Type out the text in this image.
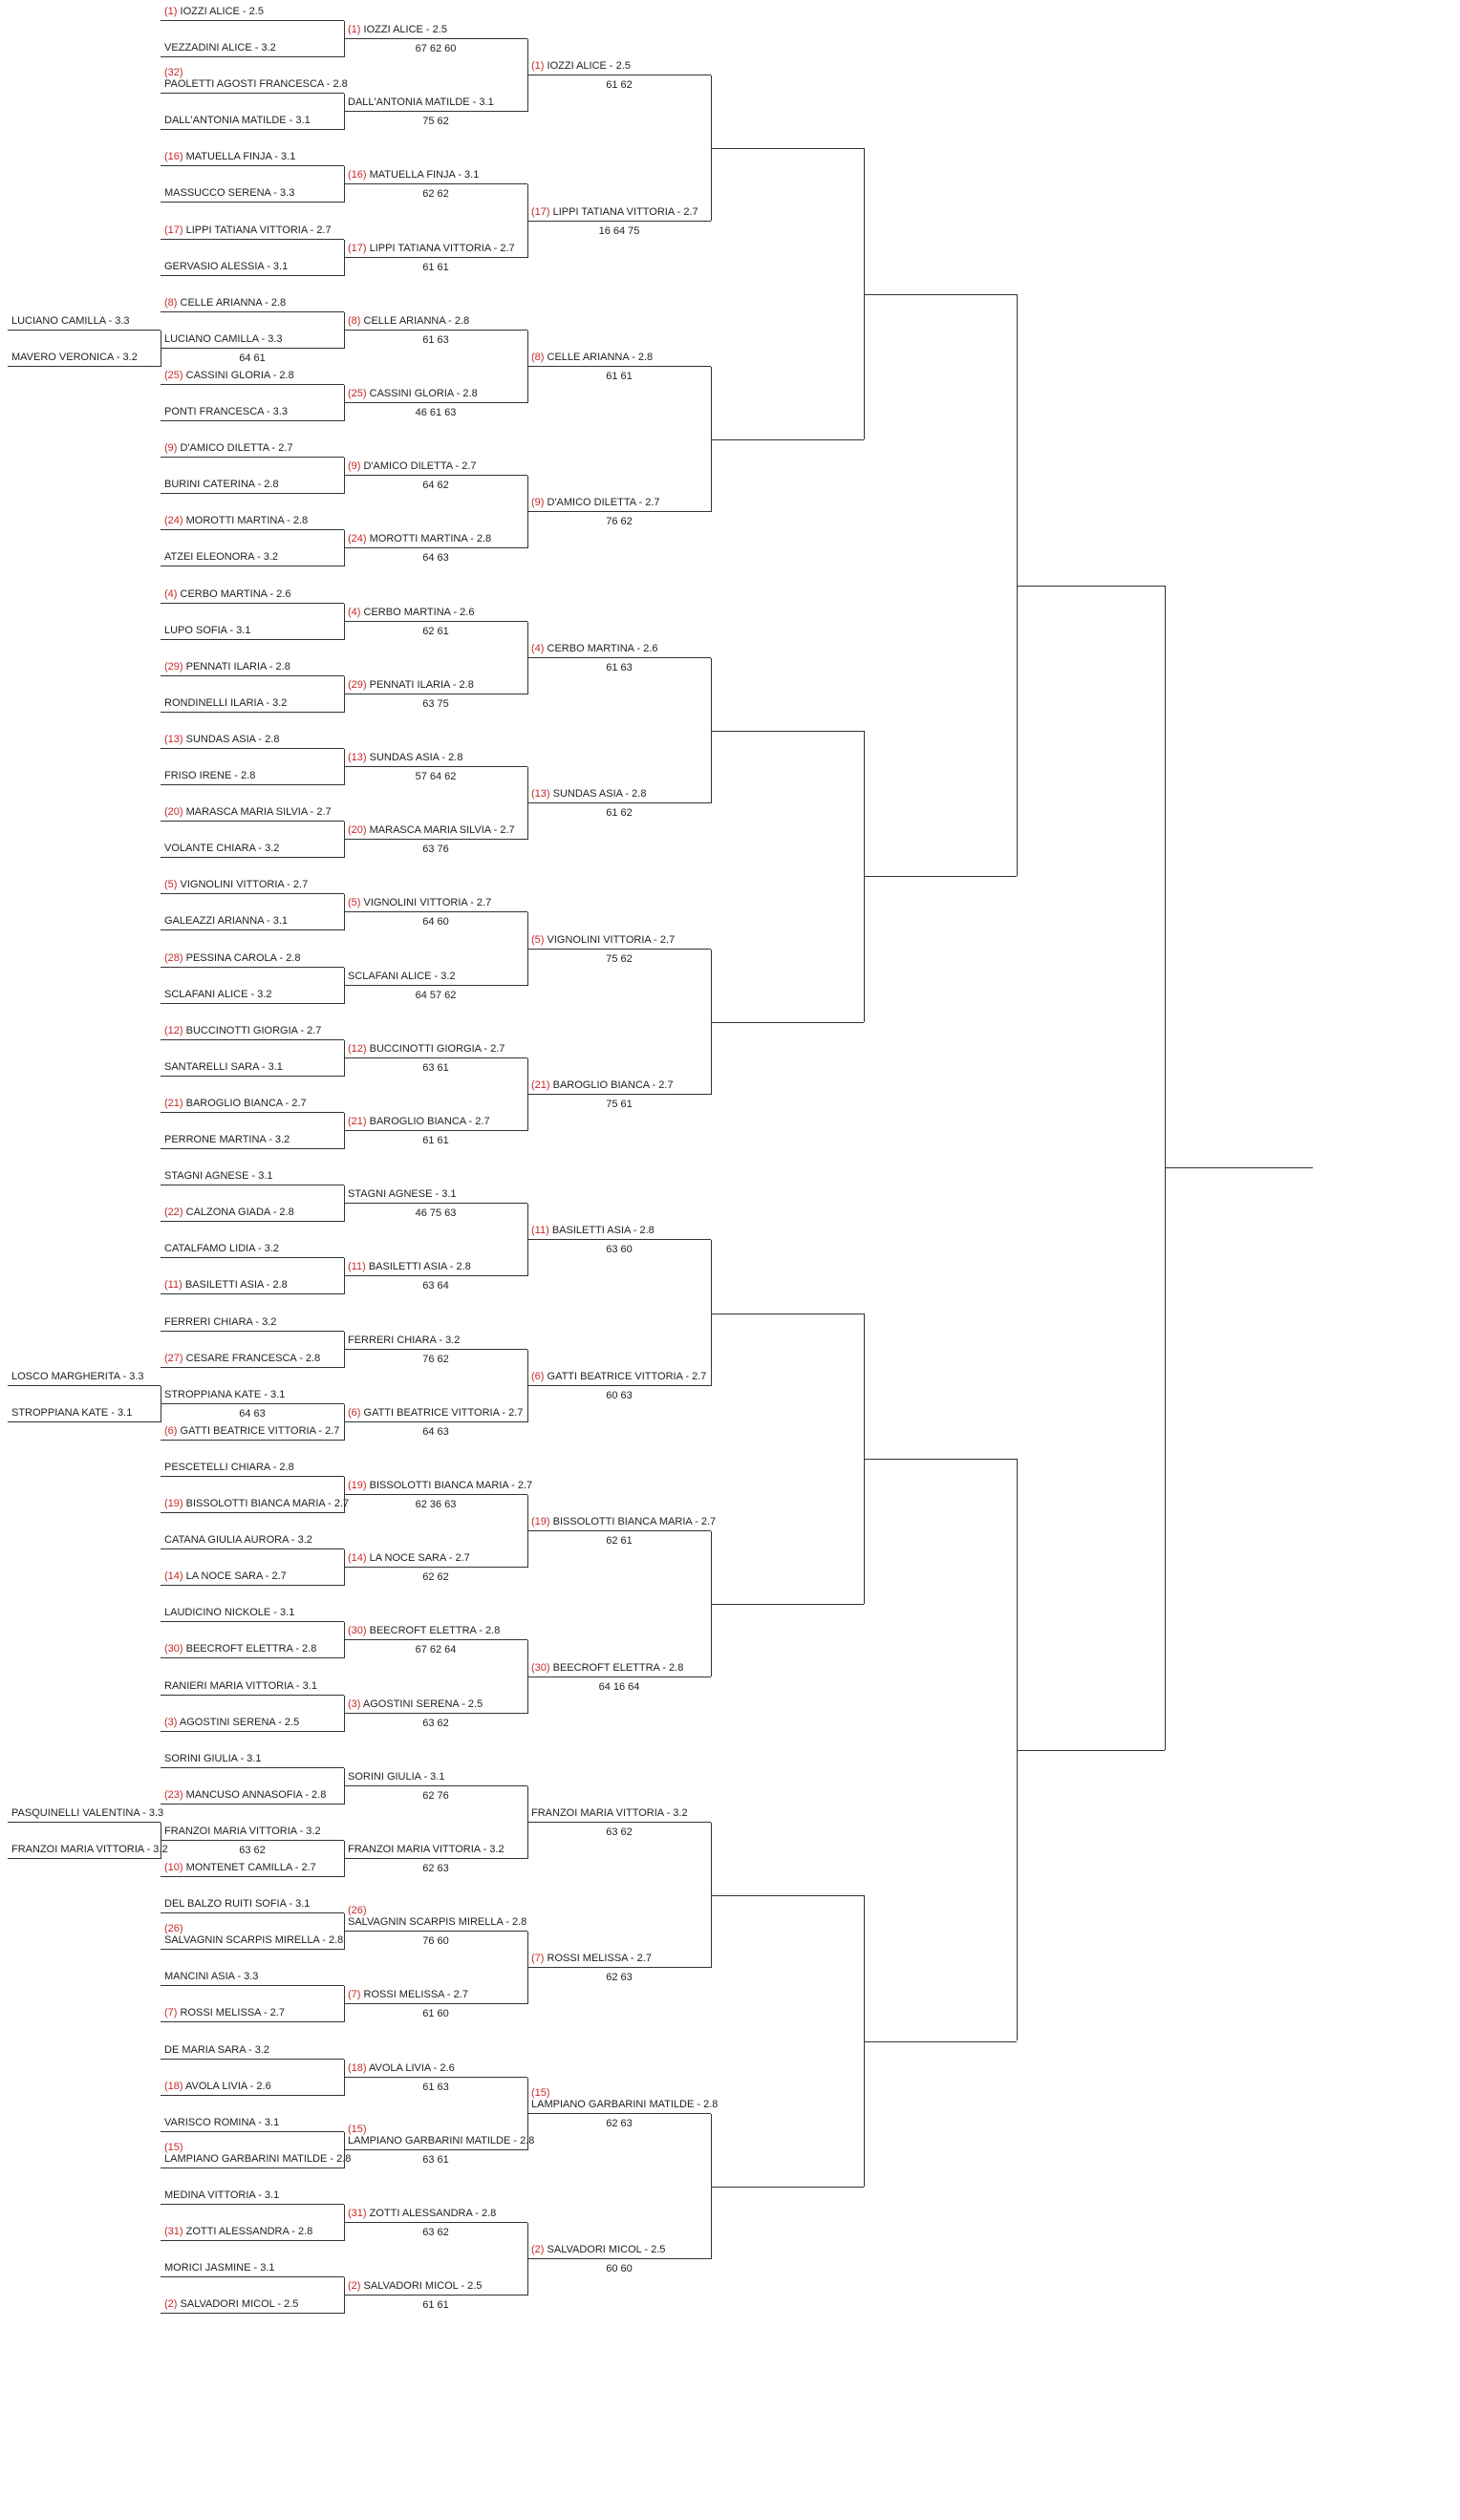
(1) IOZZI ALICE - 2.5
VEZZADINI ALICE - 3.2
(32)
PAOLETTI AGOSTI FRANCESCA - 2.8
DALL'ANTONIA MATILDE - 3.1
(16) MATUELLA FINJA - 3.1
MASSUCCO SERENA - 3.3
(17) LIPPI TATIANA VITTORIA - 2.7
GERVASIO ALESSIA - 3.1
(8) CELLE ARIANNA - 2.8
LUCIANO CAMILLA - 3.3
64 61
(25) CASSINI GLORIA - 2.8
PONTI FRANCESCA - 3.3
(9) D'AMICO DILETTA - 2.7
BURINI CATERINA - 2.8
(24) MOROTTI MARTINA - 2.8
ATZEI ELEONORA - 3.2
(4) CERBO MARTINA - 2.6
LUPO SOFIA - 3.1
(29) PENNATI ILARIA - 2.8
RONDINELLI ILARIA - 3.2
(13) SUNDAS ASIA - 2.8
FRISO IRENE - 2.8
(20) MARASCA MARIA SILVIA - 2.7
VOLANTE CHIARA - 3.2
(5) VIGNOLINI VITTORIA - 2.7
GALEAZZI ARIANNA - 3.1
(28) PESSINA CAROLA - 2.8
SCLAFANI ALICE - 3.2
(12) BUCCINOTTI GIORGIA - 2.7
SANTARELLI SARA - 3.1
(21) BAROGLIO BIANCA - 2.7
PERRONE MARTINA - 3.2
STAGNI AGNESE - 3.1
(22) CALZONA GIADA - 2.8
CATALFAMO LIDIA - 3.2
(11) BASILETTI ASIA - 2.8
FERRERI CHIARA - 3.2
(27) CESARE FRANCESCA - 2.8
STROPPIANA KATE - 3.1
64 63
(6) GATTI BEATRICE VITTORIA - 2.7
PESCETELLI CHIARA - 2.8
(19) BISSOLOTTI BIANCA MARIA - 2.7
CATANA GIULIA AURORA - 3.2
(14) LA NOCE SARA - 2.7
LAUDICINO NICKOLE - 3.1
(30) BEECROFT ELETTRA - 2.8
RANIERI MARIA VITTORIA - 3.1
(3) AGOSTINI SERENA - 2.5
SORINI GIULIA - 3.1
(23) MANCUSO ANNASOFIA - 2.8
FRANZOI MARIA VITTORIA - 3.2
63 62
(10) MONTENET CAMILLA - 2.7
DEL BALZO RUITI SOFIA - 3.1
(26)
SALVAGNIN SCARPIS MIRELLA - 2.8
MANCINI ASIA - 3.3
(7) ROSSI MELISSA - 2.7
DE MARIA SARA - 3.2
(18) AVOLA LIVIA - 2.6
VARISCO ROMINA - 3.1
(15)
LAMPIANO GARBARINI MATILDE - 2.8
MEDINA VITTORIA - 3.1
(31) ZOTTI ALESSANDRA - 2.8
MORICI JASMINE - 3.1
(2) SALVADORI MICOL - 2.5
(1) IOZZI ALICE - 2.5
67 62 60
DALL'ANTONIA MATILDE - 3.1
75 62
(16) MATUELLA FINJA - 3.1
62 62
(17) LIPPI TATIANA VITTORIA - 2.7
61 61
(8) CELLE ARIANNA - 2.8
61 63
(25) CASSINI GLORIA - 2.8
46 61 63
(9) D'AMICO DILETTA - 2.7
64 62
(24) MOROTTI MARTINA - 2.8
64 63
(4) CERBO MARTINA - 2.6
62 61
(29) PENNATI ILARIA - 2.8
63 75
(13) SUNDAS ASIA - 2.8
57 64 62
(20) MARASCA MARIA SILVIA - 2.7
63 76
(5) VIGNOLINI VITTORIA - 2.7
64 60
SCLAFANI ALICE - 3.2
64 57 62
(12) BUCCINOTTI GIORGIA - 2.7
63 61
(21) BAROGLIO BIANCA - 2.7
61 61
STAGNI AGNESE - 3.1
46 75 63
(11) BASILETTI ASIA - 2.8
63 64
FERRERI CHIARA - 3.2
76 62
(6) GATTI BEATRICE VITTORIA - 2.7
64 63
(19) BISSOLOTTI BIANCA MARIA - 2.7
62 36 63
(14) LA NOCE SARA - 2.7
62 62
(30) BEECROFT ELETTRA - 2.8
67 62 64
(3) AGOSTINI SERENA - 2.5
63 62
SORINI GIULIA - 3.1
62 76
FRANZOI MARIA VITTORIA - 3.2
62 63
(26)
SALVAGNIN SCARPIS MIRELLA - 2.8
76 60
(7) ROSSI MELISSA - 2.7
61 60
(18) AVOLA LIVIA - 2.6
61 63
(15)
LAMPIANO GARBARINI MATILDE - 2.8
63 61
(31) ZOTTI ALESSANDRA - 2.8
63 62
(2) SALVADORI MICOL - 2.5
61 61
(1) IOZZI ALICE - 2.5
61 62
(17) LIPPI TATIANA VITTORIA - 2.7
16 64 75
(8) CELLE ARIANNA - 2.8
61 61
(9) D'AMICO DILETTA - 2.7
76 62
(4) CERBO MARTINA - 2.6
61 63
(13) SUNDAS ASIA - 2.8
61 62
(5) VIGNOLINI VITTORIA - 2.7
75 62
(21) BAROGLIO BIANCA - 2.7
75 61
(11) BASILETTI ASIA - 2.8
63 60
(6) GATTI BEATRICE VITTORIA - 2.7
60 63
(19) BISSOLOTTI BIANCA MARIA - 2.7
62 61
(30) BEECROFT ELETTRA - 2.8
64 16 64
FRANZOI MARIA VITTORIA - 3.2
63 62
(7) ROSSI MELISSA - 2.7
62 63
(15)
LAMPIANO GARBARINI MATILDE - 2.8
62 63
(2) SALVADORI MICOL - 2.5
60 60
LUCIANO CAMILLA - 3.3
MAVERO VERONICA - 3.2
LOSCO MARGHERITA - 3.3
STROPPIANA KATE - 3.1
PASQUINELLI VALENTINA - 3.3
FRANZOI MARIA VITTORIA - 3.2
